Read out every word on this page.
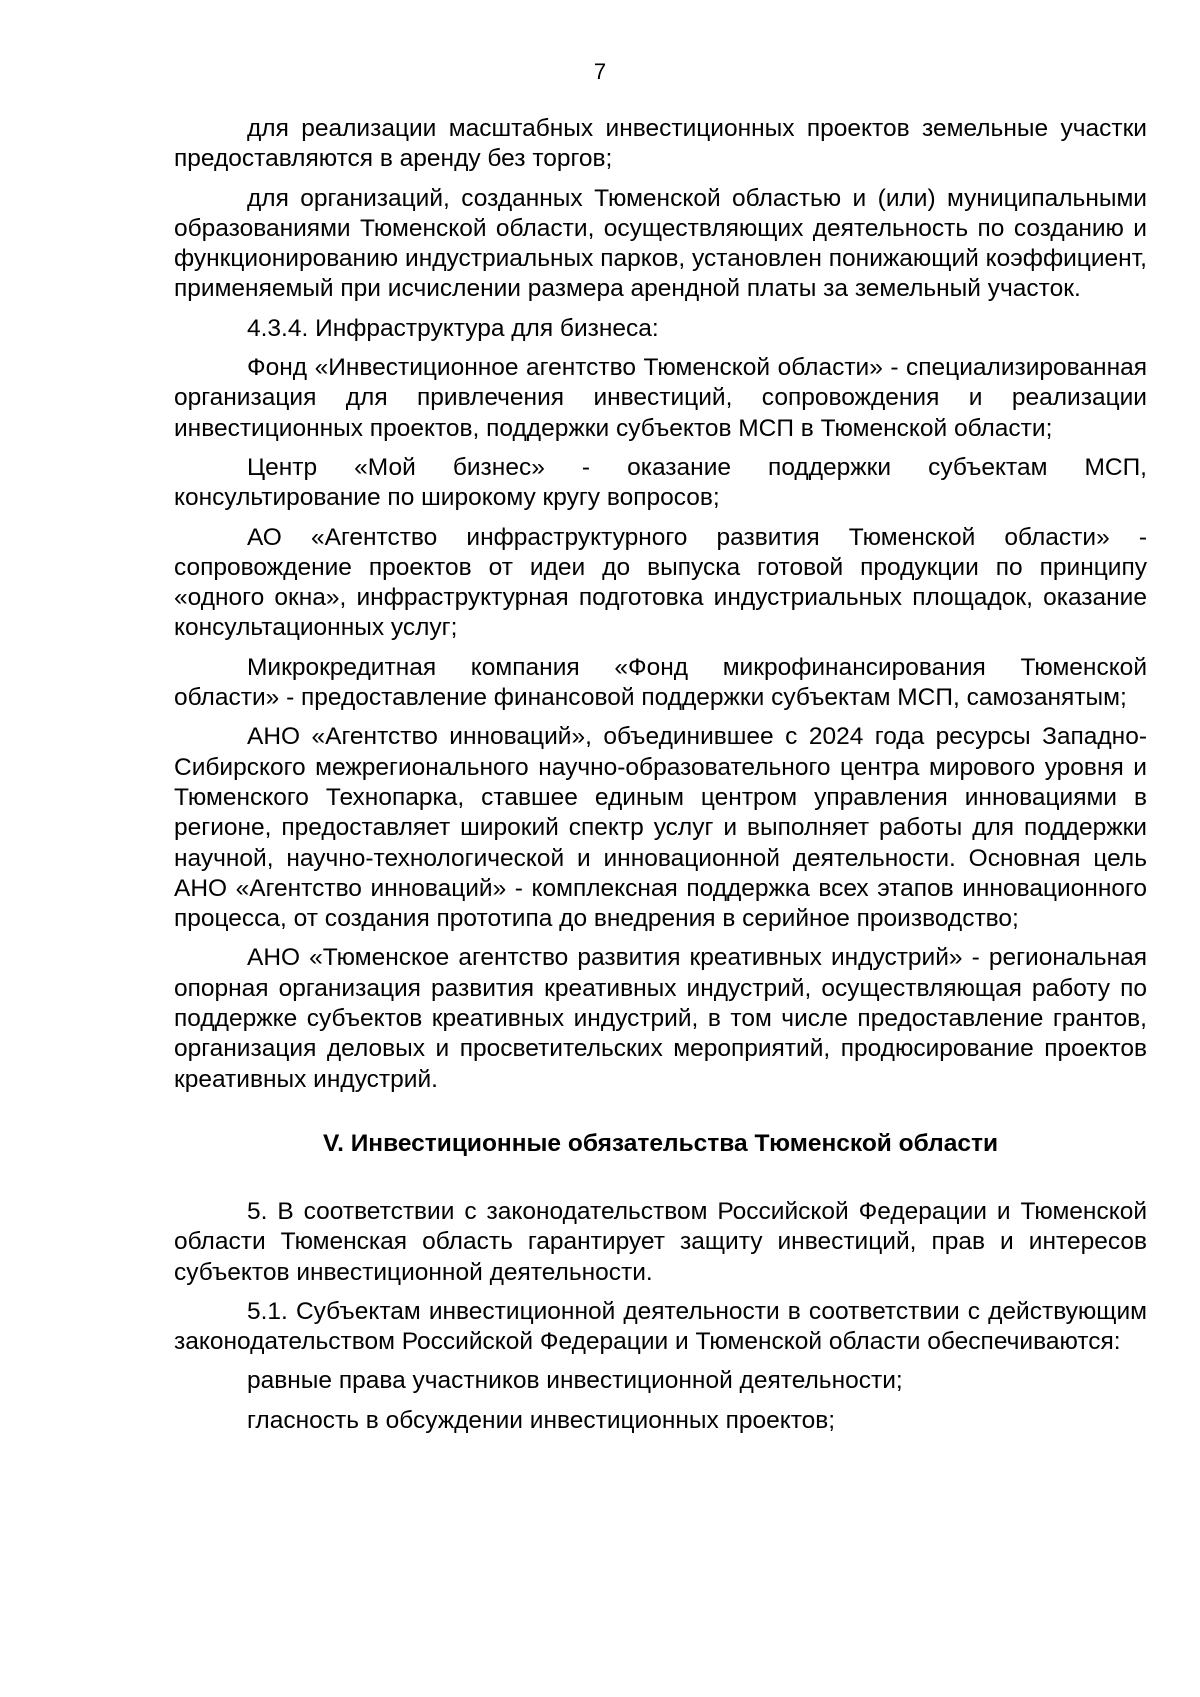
7

для реализации масштабных инвестиционных проектов земельные участки предоставляются в аренду без торгов;

для организаций, созданных Тюменской областью и (или) муниципальными образованиями Тюменской области, осуществляющих деятельность по созданию и функционированию индустриальных парков, установлен понижающий коэффициент, применяемый при исчислении размера арендной платы за земельный участок.

4.3.4. Инфраструктура для бизнеса:

Фонд «Инвестиционное агентство Тюменской области» - специализированная организация для привлечения инвестиций, сопровождения и реализации инвестиционных проектов, поддержки субъектов МСП в Тюменской области;

Центр «Мой бизнес» - оказание поддержки субъектам МСП, консультирование по широкому кругу вопросов;

АО «Агентство инфраструктурного развития Тюменской области» - сопровождение проектов от идеи до выпуска готовой продукции по принципу «одного окна», инфраструктурная подготовка индустриальных площадок, оказание консультационных услуг;

Микрокредитная компания «Фонд микрофинансирования Тюменской области» - предоставление финансовой поддержки субъектам МСП, самозанятым;

АНО «Агентство инноваций», объединившее с 2024 года ресурсы Западно-Сибирского межрегионального научно-образовательного центра мирового уровня и Тюменского Технопарка, ставшее единым центром управления инновациями в регионе, предоставляет широкий спектр услуг и выполняет работы для поддержки научной, научно-технологической и инновационной деятельности. Основная цель АНО «Агентство инноваций» - комплексная поддержка всех этапов инновационного процесса, от создания прототипа до внедрения в серийное производство;

АНО «Тюменское агентство развития креативных индустрий» - региональная опорная организация развития креативных индустрий, осуществляющая работу по поддержке субъектов креативных индустрий, в том числе предоставление грантов, организация деловых и просветительских мероприятий, продюсирование проектов креативных индустрий.

V. Инвестиционные обязательства Тюменской области

5. В соответствии с законодательством Российской Федерации и Тюменской области Тюменская область гарантирует защиту инвестиций, прав и интересов субъектов инвестиционной деятельности.

5.1. Субъектам инвестиционной деятельности в соответствии с действующим законодательством Российской Федерации и Тюменской области обеспечиваются:

равные права участников инвестиционной деятельности;

гласность в обсуждении инвестиционных проектов;
